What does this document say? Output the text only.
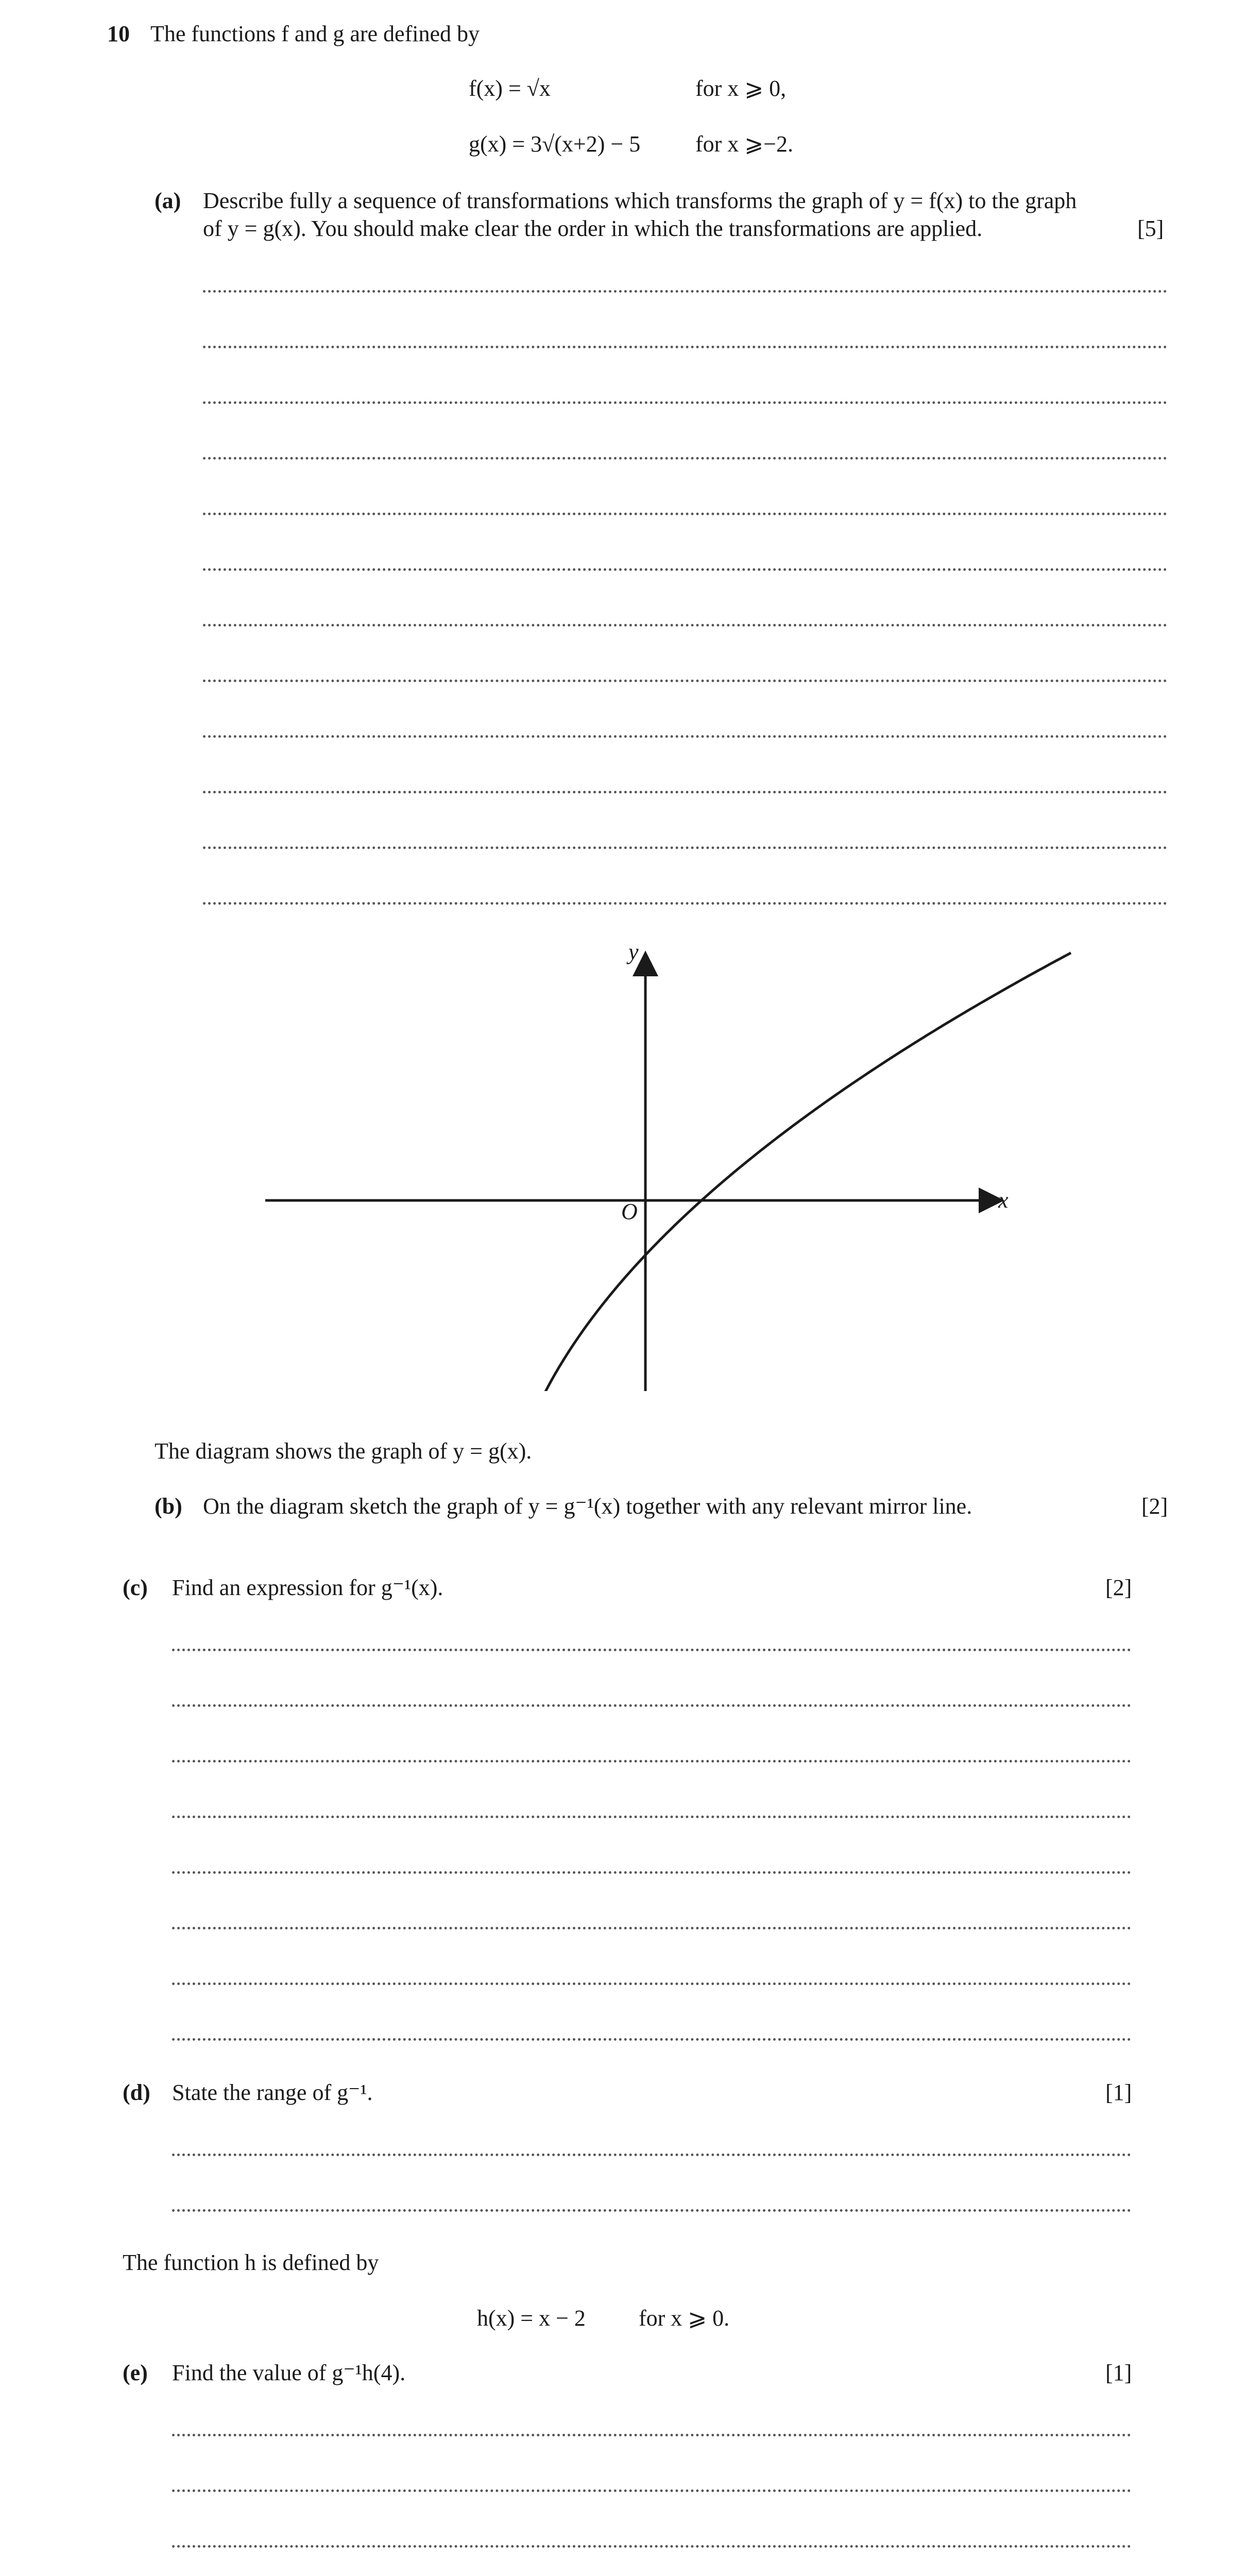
10 The functions f and g are defined by
f(x) = √x	for x ⩾ 0,
g(x) = 3√(x+2) − 5 for x ⩾−2.
(a) Describe fully a sequence of transformations which transforms the graph of y = f(x) to the graph
of y = g(x). You should make clear the order in which the transformations are applied.	[5]
y
x
O
The diagram shows the graph of y = g(x).
(b) On the diagram sketch the graph of y = g⁻¹(x) together with any relevant mirror line.	[2]
(c) Find an expression for g⁻¹(x).	[2]
(d) State the range of g⁻¹.	[1]
The function h is defined by
h(x) = x − 2 for x ⩾ 0.
(e) Find the value of g⁻¹h(4).	[1]
